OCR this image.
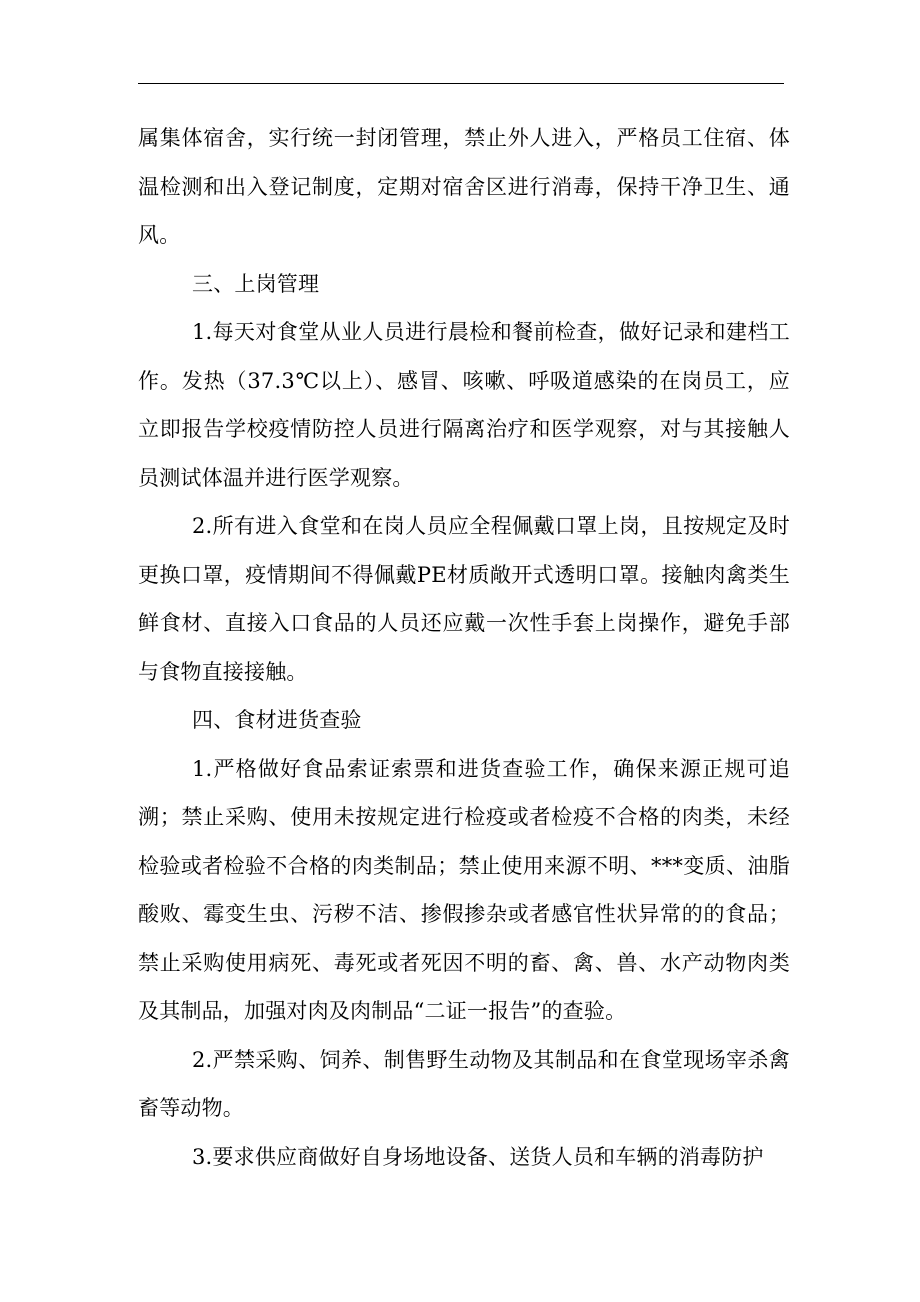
属集体宿舍，实行统一封闭管理，禁止外人进入，严格员工住宿、体温检测和出入登记制度，定期对宿舍区进行消毒，保持干净卫生、通风。

三、上岗管理

1.每天对食堂从业人员进行晨检和餐前检查，做好记录和建档工作。发热（37.3℃以上）、感冒、咳嗽、呼吸道感染的在岗员工，应立即报告学校疫情防控人员进行隔离治疗和医学观察，对与其接触人员测试体温并进行医学观察。

2.所有进入食堂和在岗人员应全程佩戴口罩上岗，且按规定及时更换口罩，疫情期间不得佩戴PE材质敞开式透明口罩。接触肉禽类生鲜食材、直接入口食品的人员还应戴一次性手套上岗操作，避免手部与食物直接接触。

四、食材进货查验

1.严格做好食品索证索票和进货查验工作，确保来源正规可追溯；禁止采购、使用未按规定进行检疫或者检疫不合格的肉类，未经检验或者检验不合格的肉类制品；禁止使用来源不明、***变质、油脂酸败、霉变生虫、污秽不洁、掺假掺杂或者感官性状异常的的食品；禁止采购使用病死、毒死或者死因不明的畜、禽、兽、水产动物肉类及其制品，加强对肉及肉制品“二证一报告”的查验。

2.严禁采购、饲养、制售野生动物及其制品和在食堂现场宰杀禽畜等动物。

3.要求供应商做好自身场地设备、送货人员和车辆的消毒防护
